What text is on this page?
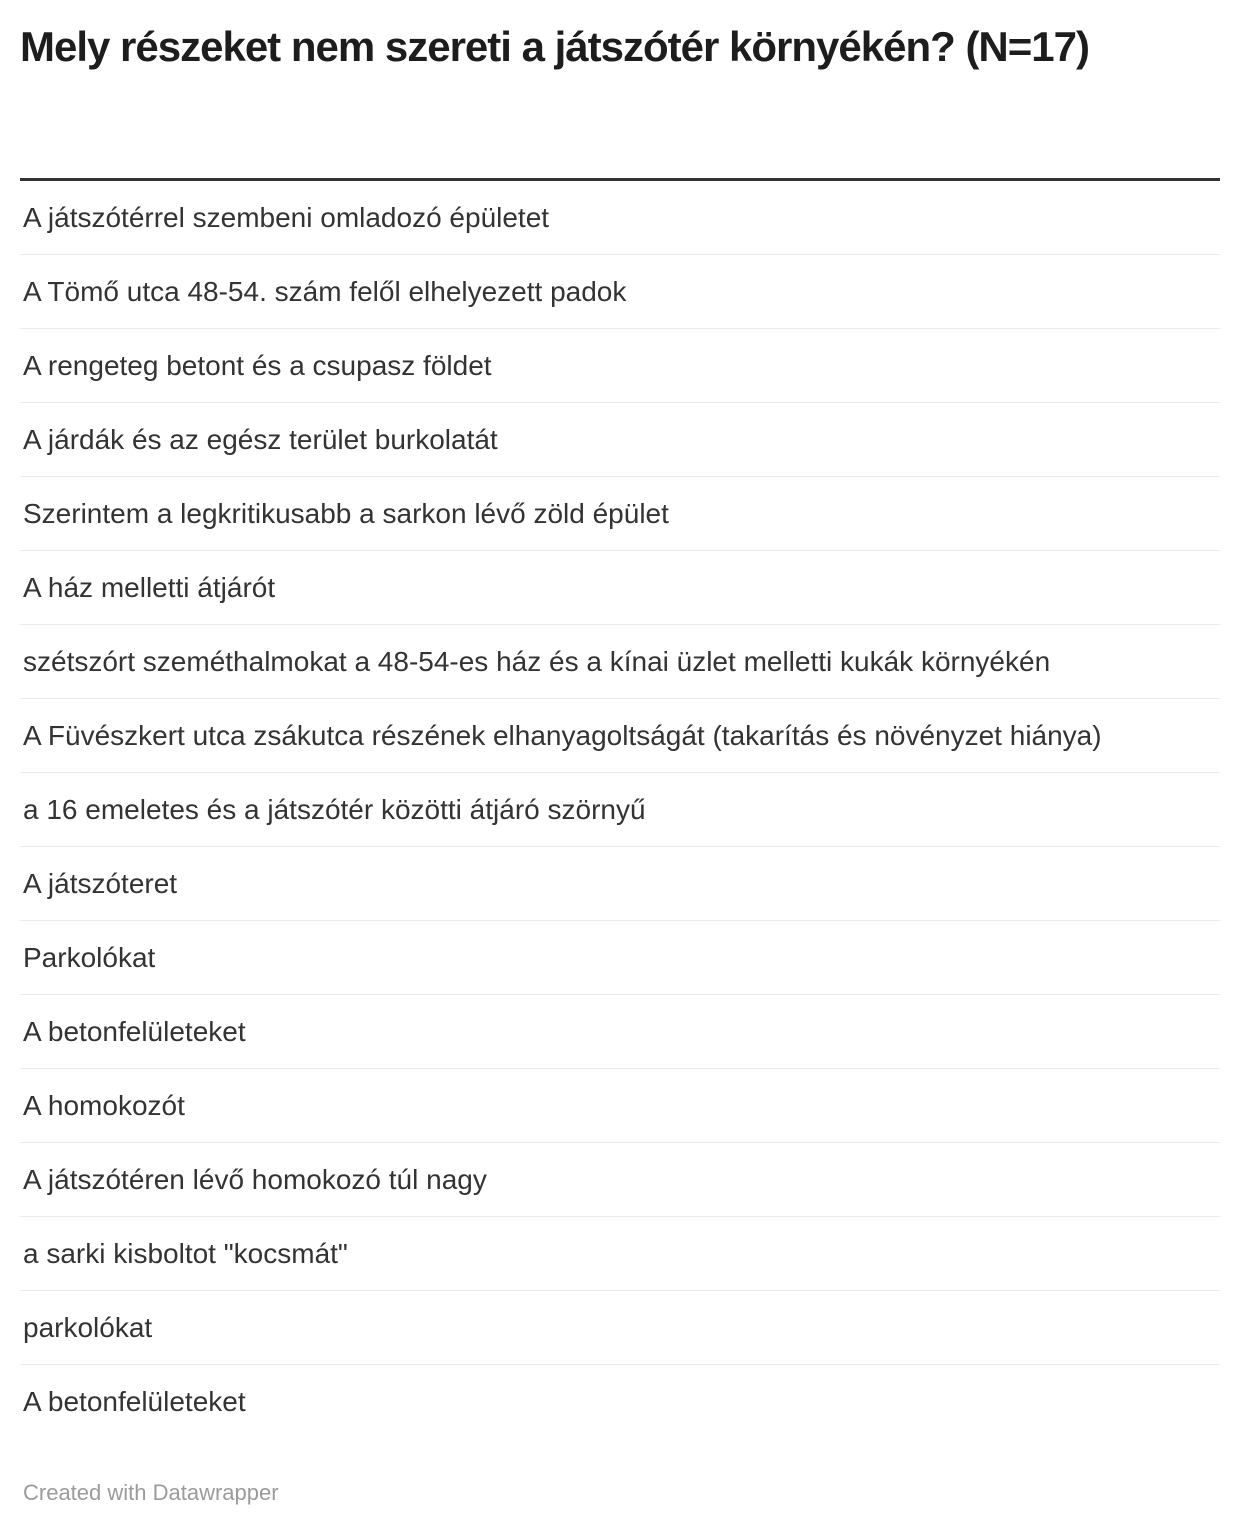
Mely részeket nem szereti a játszótér környékén? (N=17)
A játszótérrel szembeni omladozó épületet
A Tömő utca 48-54. szám felől elhelyezett padok
A rengeteg betont és a csupasz földet
A járdák és az egész terület burkolatát
Szerintem a legkritikusabb a sarkon lévő zöld épület
A ház melletti átjárót
szétszórt szeméthalmokat a 48-54-es ház és a kínai üzlet melletti kukák környékén
A Füvészkert utca zsákutca részének elhanyagoltságát (takarítás és növényzet hiánya)
a 16 emeletes és a játszótér közötti átjáró szörnyű
A játszóteret
Parkolókat
A betonfelületeket
A homokozót
A játszótéren lévő homokozó túl nagy
a sarki kisboltot "kocsmát"
parkolókat
A betonfelületeket
Created with Datawrapper
